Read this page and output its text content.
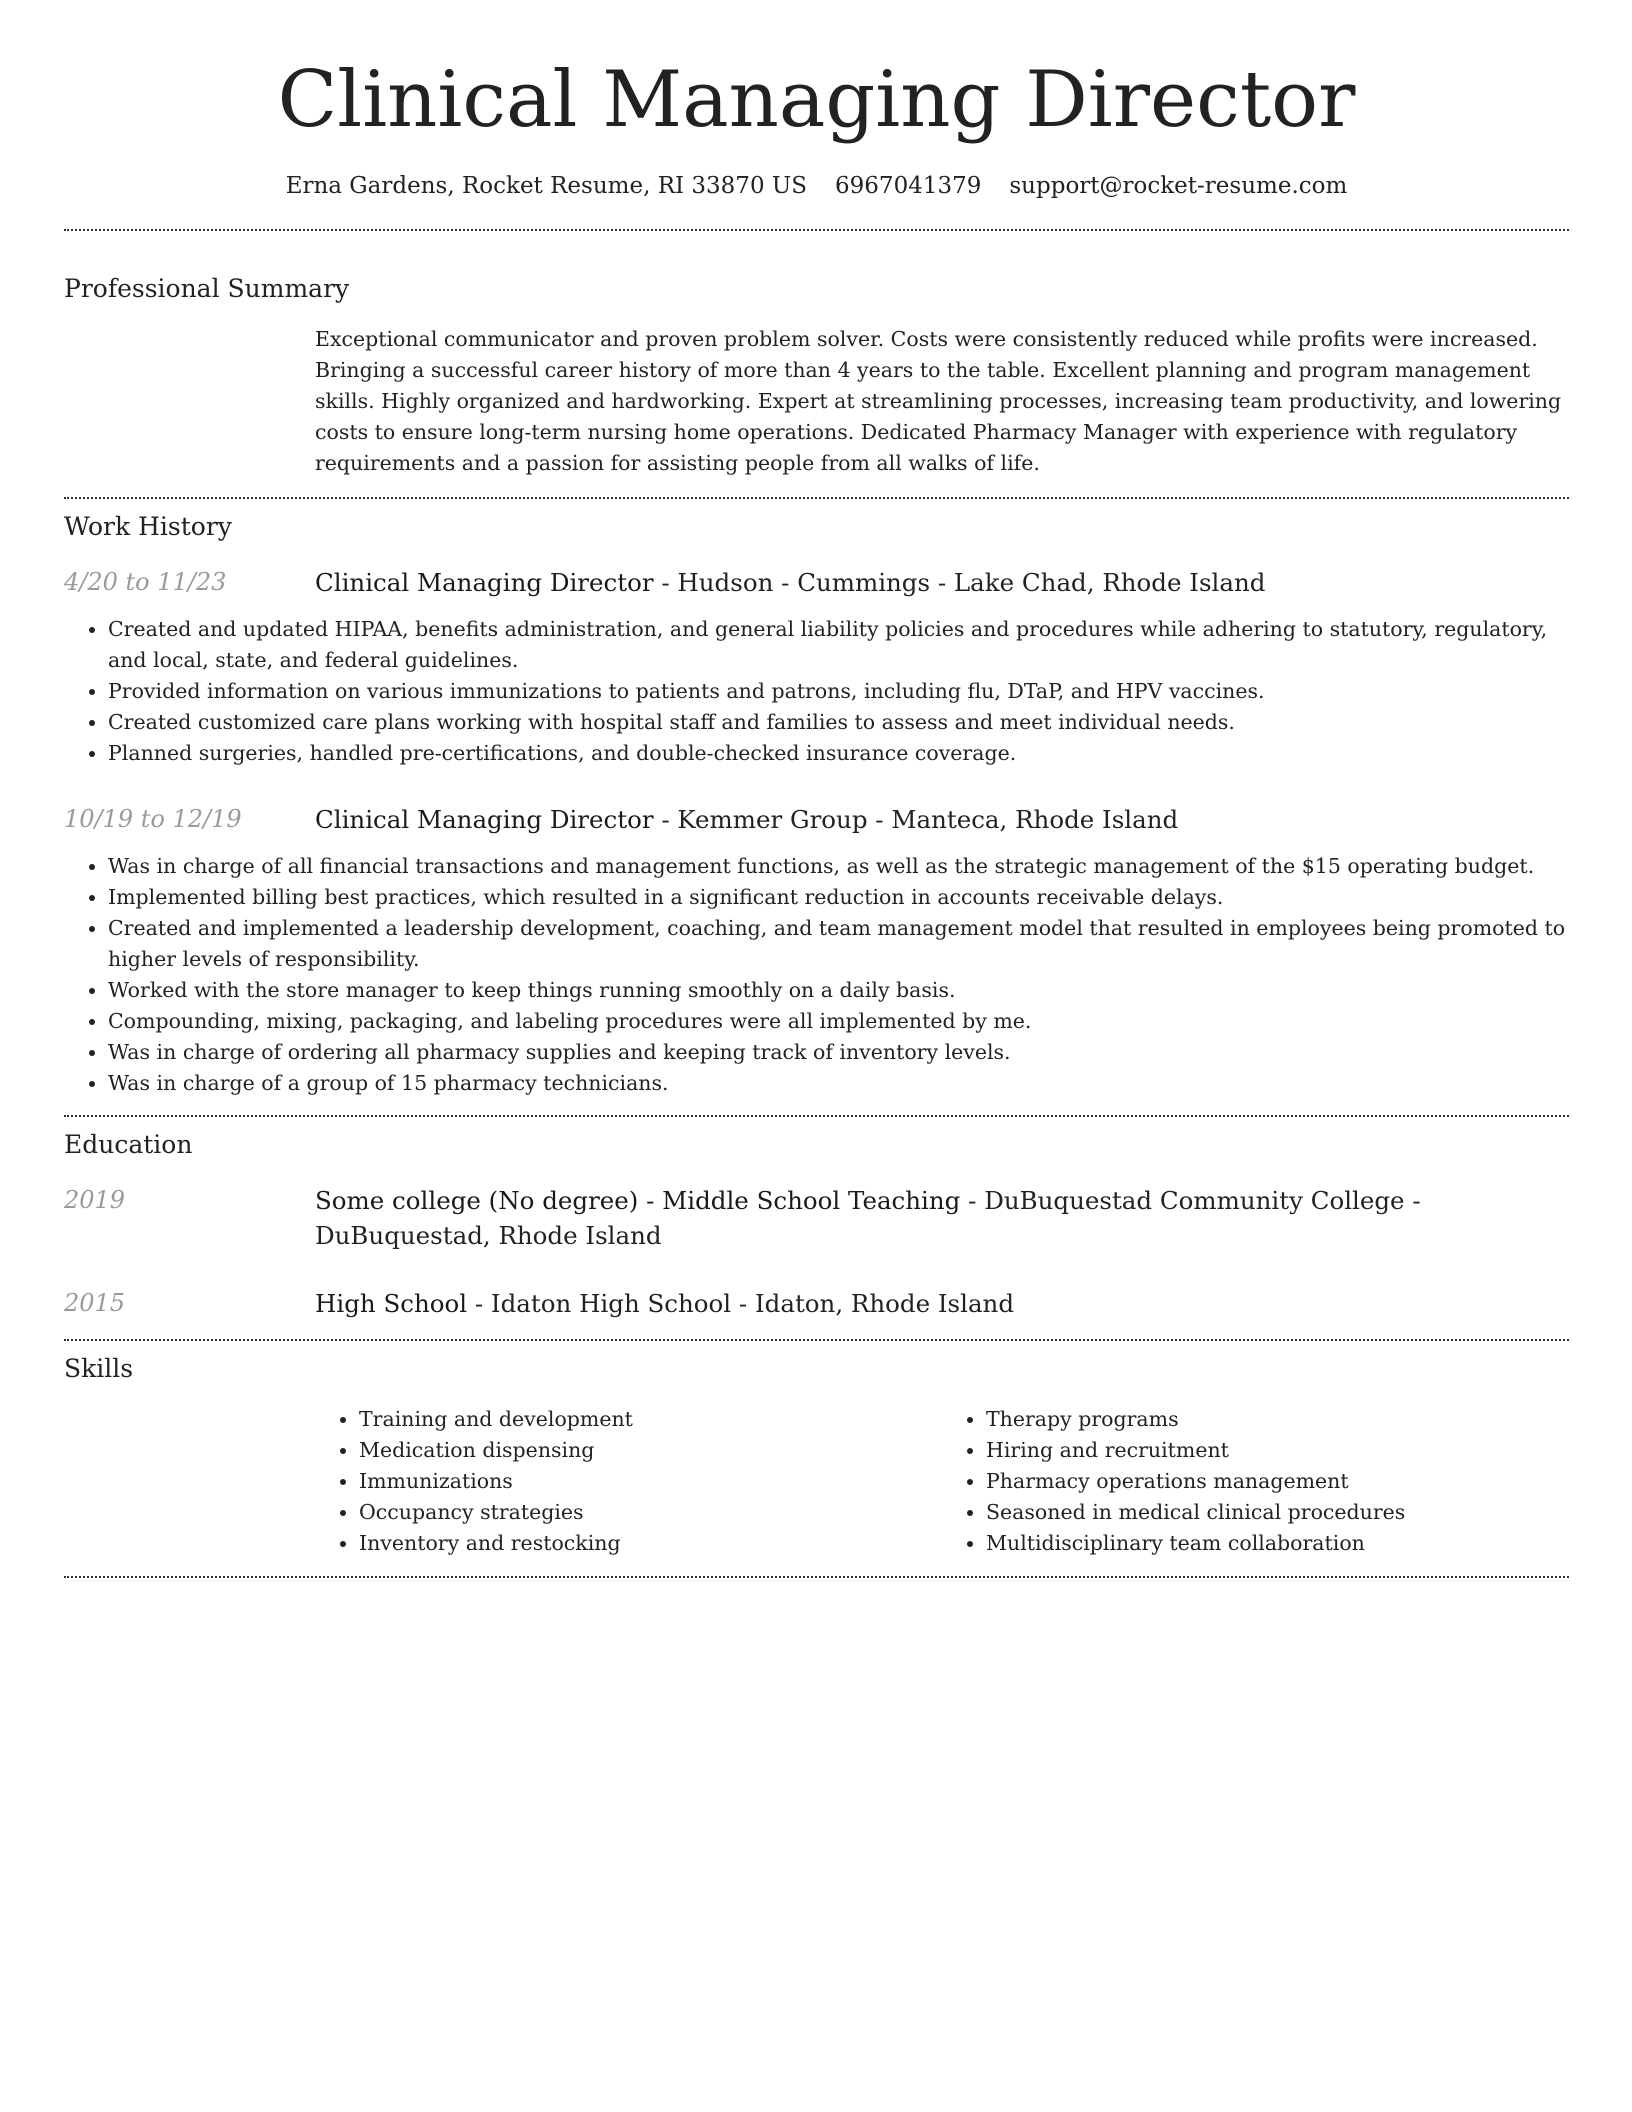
Clinical Managing Director
Erna Gardens, Rocket Resume, RI 33870 US 6967041379 support@rocket-resume.com
Professional Summary
Exceptional communicator and proven problem solver. Costs were consistently reduced while profits were increased. Bringing a successful career history of more than 4 years to the table. Excellent planning and program management skills. Highly organized and hardworking. Expert at streamlining processes, increasing team productivity, and lowering costs to ensure long-term nursing home operations. Dedicated Pharmacy Manager with experience with regulatory requirements and a passion for assisting people from all walks of life.
Work History
4/20 to 11/23	Clinical Managing Director - Hudson - Cummings - Lake Chad, Rhode Island
• Created and updated HIPAA, benefits administration, and general liability policies and procedures while adhering to statutory, regulatory, and local, state, and federal guidelines.
• Provided information on various immunizations to patients and patrons, including flu, DTaP, and HPV vaccines.
• Created customized care plans working with hospital staff and families to assess and meet individual needs.
• Planned surgeries, handled pre-certifications, and double-checked insurance coverage.
10/19 to 12/19	Clinical Managing Director - Kemmer Group - Manteca, Rhode Island
• Was in charge of all financial transactions and management functions, as well as the strategic management of the $15 operating budget.
• Implemented billing best practices, which resulted in a significant reduction in accounts receivable delays.
• Created and implemented a leadership development, coaching, and team management model that resulted in employees being promoted to higher levels of responsibility.
• Worked with the store manager to keep things running smoothly on a daily basis.
• Compounding, mixing, packaging, and labeling procedures were all implemented by me.
• Was in charge of ordering all pharmacy supplies and keeping track of inventory levels.
• Was in charge of a group of 15 pharmacy technicians.
Education
2019	Some college (No degree) - Middle School Teaching - DuBuquestad Community College - DuBuquestad, Rhode Island
2015	High School - Idaton High School - Idaton, Rhode Island
Skills
• Training and development
• Medication dispensing
• Immunizations
• Occupancy strategies
• Inventory and restocking
• Therapy programs
• Hiring and recruitment
• Pharmacy operations management
• Seasoned in medical clinical procedures
• Multidisciplinary team collaboration
